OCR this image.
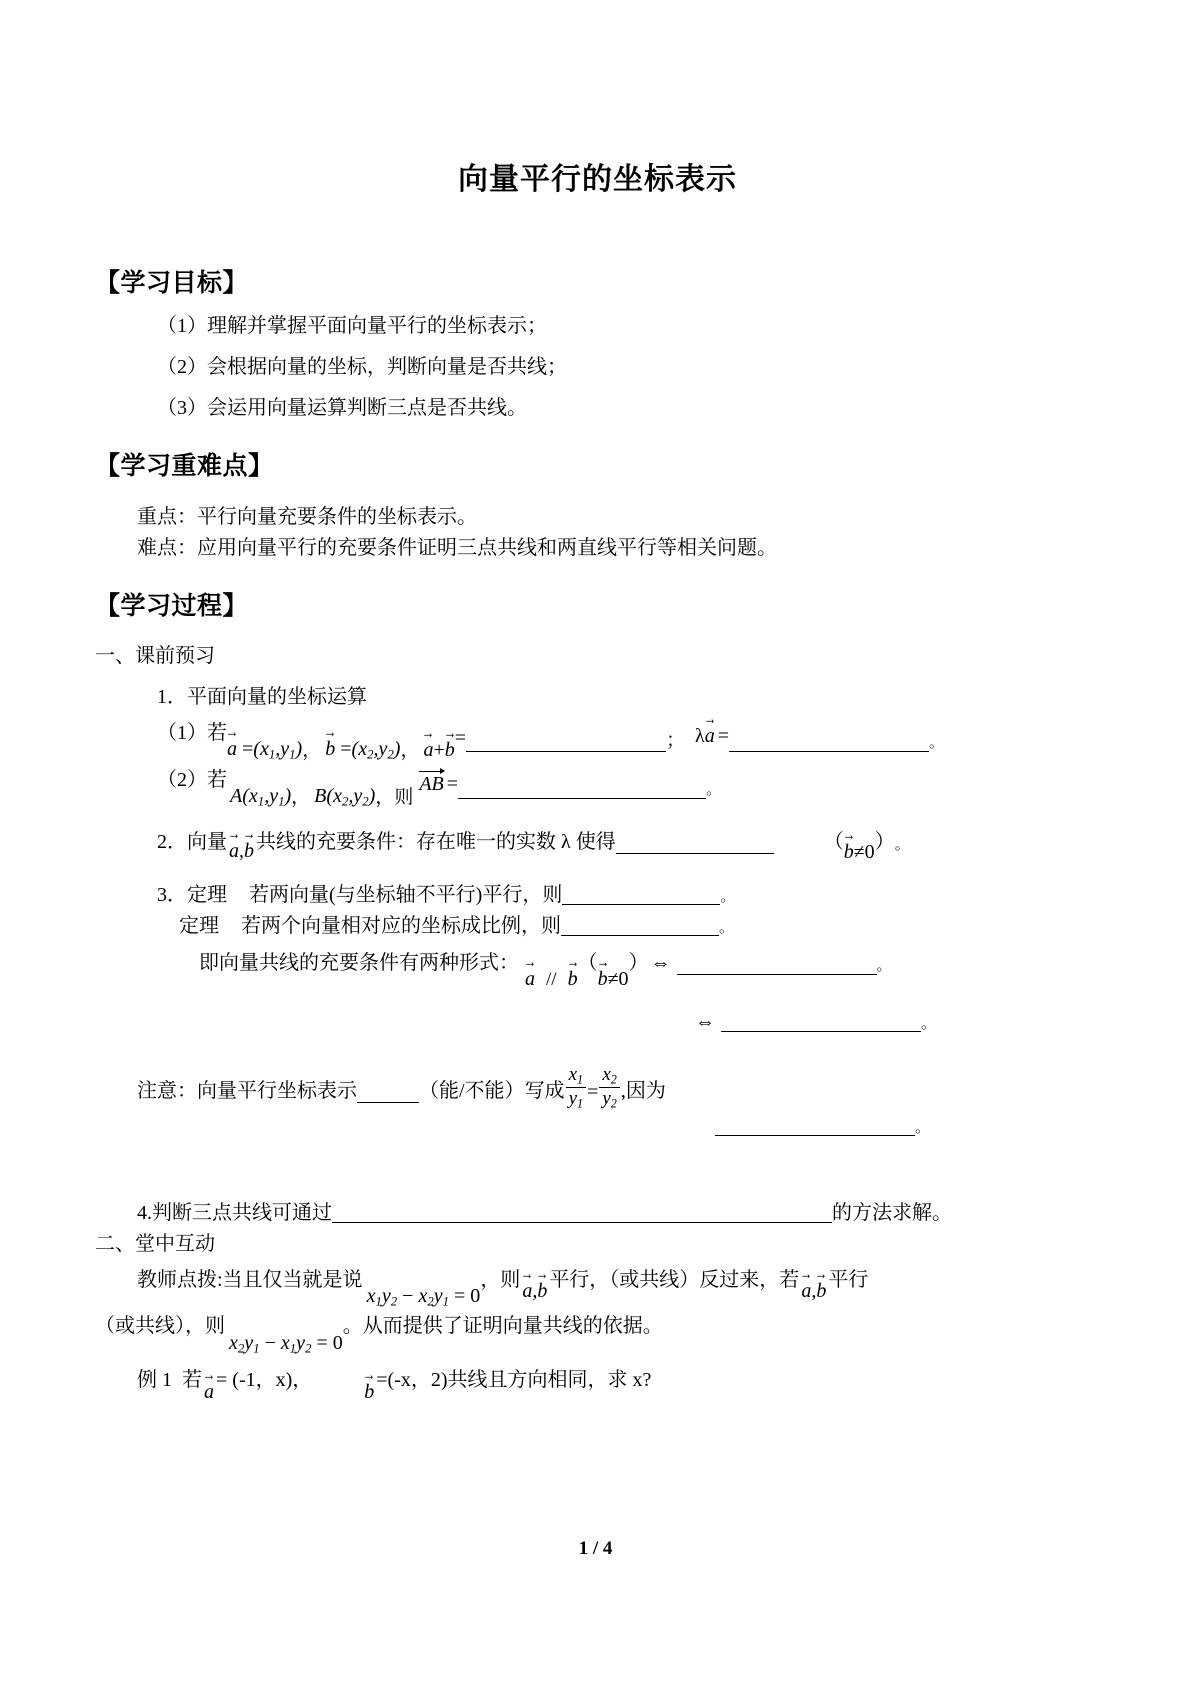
向量平行的坐标表示
【学习目标】
（1）理解并掌握平面向量平行的坐标表示；
（2）会根据向量的坐标，判断向量是否共线；
（3）会运用向量运算判断三点是否共线。
【学习重难点】
重点：平行向量充要条件的坐标表示。
难点：应用向量平行的充要条件证明三点共线和两直线平行等相关问题。
【学习过程】
一、课前预习
1．平面向量的坐标运算
（1）若
→ $a =(x_1,y_1)$ ， → $b =(x_2,y_2)$ ， → a+→ b
=	； λ→ a =	。
（2）若
$A(x_1,y_1)$ ， $B(x_2,y_2)$ ，则
AB =	。
2． 向量 → a,→ b 共线的充要条件：存在唯一的实数 λ 使得	（ → b≠0 ） 。
3．定理 若两向量(与坐标轴不平行)平行，则	。
定理 若两个向量相对应的坐标成比例，则	。
即向量共线的充要条件有两种形式：
→ a // → b
（
→ b≠0
） ⇔	。
⇔	。
注意：向量平行坐标表示	（能/不能） 写成 $\frac{x_1}{y_1} = \frac{x_2}{y_2}$ , 因为
。
4.判断三点共线可通过	的方法求解。
二、堂中互动
教师点拨:当且仅当就是说
$x_1y_2 - x_2y_1 = 0$
，则 → a,→ b 平行，（或共线）反过来，若 → a,→ b 平行
（或共线），则
$x_2y_1 - x_1y_2 = 0$
。从而提供了证明向量共线的依据。
例 1 若
→ a
= (-1，x) ，
→ b
=(-x，2)共线且方向相同，求 x?
1 / 4
